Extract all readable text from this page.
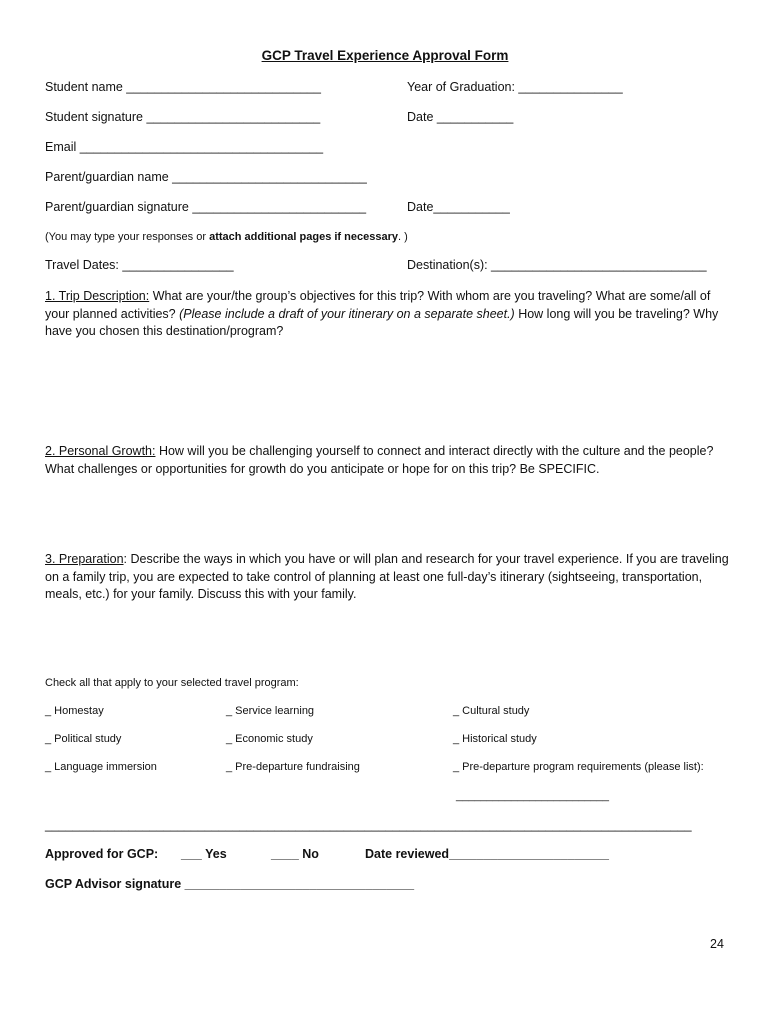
GCP Travel Experience Approval Form
Student name ____________________________	Year of Graduation: _______________
Student signature _________________________	Date ___________
Email ___________________________________
Parent/guardian name ____________________________
Parent/guardian signature _________________________	Date___________
(You may type your responses or attach additional pages if necessary. )
Travel Dates: ________________	Destination(s): _______________________________
1. Trip Description: What are your/the group’s objectives for this trip? With whom are you traveling? What are some/all of your planned activities? (Please include a draft of your itinerary on a separate sheet.) How long will you be traveling? Why have you chosen this destination/program?
2. Personal Growth: How will you be challenging yourself to connect and interact directly with the culture and the people? What challenges or opportunities for growth do you anticipate or hope for on this trip? Be SPECIFIC.
3. Preparation: Describe the ways in which you have or will plan and research for your travel experience. If you are traveling on a family trip, you are expected to take control of planning at least one full-day’s itinerary (sightseeing, transportation, meals, etc.) for your family. Discuss this with your family.
Check all that apply to your selected travel program:
_ Homestay	_ Service learning	_ Cultural study
_ Political study	_ Economic study	_ Historical study
_ Language immersion	_ Pre-departure fundraising	_ Pre-departure program requirements (please list):
_________________________
_____________________________________________________________________________________________
Approved for GCP: ___ Yes	____ No	Date reviewed_______________________
GCP Advisor signature _________________________________
24
